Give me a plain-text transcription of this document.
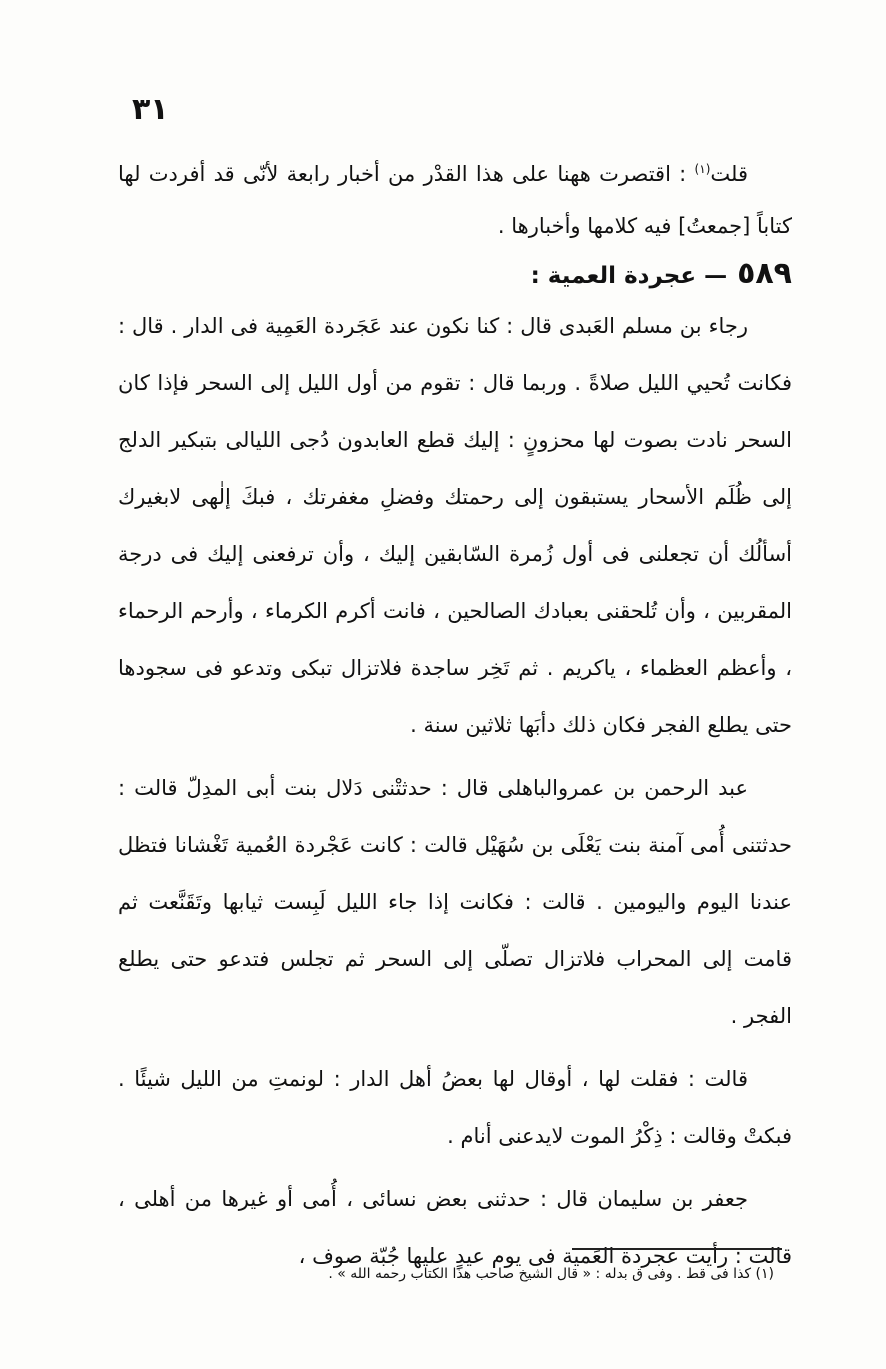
٣١

قلت$^{(١)}$ : اقتصرت ههنا على هذا القدْر من أخبار رابعة لأنّى قد أفردت لها كتاباً [جمعتُ] فيه كلامها وأخبارها .

٥٨٩— عجردة العمية :

رجاء بن مسلم العَبدى قال : كنا نكون عند عَجَردة العَمِية فى الدار . قال : فكانت تُحيي الليل صلاةً . وربما قال : تقوم من أول الليل إلى السحر فإذا كان السحر نادت بصوت لها محزونٍ : إليك قطع العابدون دُجى الليالى بتبكير الدلج إلى ظُلَم الأسحار يستبقون إلى رحمتك وفضلِ مغفرتك ، فبكَ إلٰهى لابغيرك أسألُك أن تجعلنى فى أول زُمرة السّابقين إليك ، وأن ترفعنى إليك فى درجة المقربين ، وأن تُلحقنى بعبادك الصالحين ، فانت أكرم الكرماء ، وأرحم الرحماء ، وأعظم العظماء ، ياكريم . ثم تَخِر ساجدة فلاتزال تبكى وتدعو فى سجودها حتى يطلع الفجر فكان ذلك دأبَها ثلاثين سنة .

عبد الرحمن بن عمروالباهلى قال : حدثتْنى دَلال بنت أبى المدِلّ قالت : حدثتنى أُمى آمنة بنت يَعْلَى بن سُهَيْل قالت : كانت عَجْردة العُمية تَغْشانا فتظل عندنا اليوم واليومين . قالت : فكانت إذا جاء الليل لَبِست ثيابها وتَقَنَّعت ثم قامت إلى المحراب فلاتزال تصلّى إلى السحر ثم تجلس فتدعو حتى يطلع الفجر .

قالت : فقلت لها ، أوقال لها بعضُ أهل الدار : لونمتِ من الليل شيئًا . فبكتْ وقالت : ذِكْرُ الموت لايدعنى أنام .

جعفر بن سليمان قال : حدثنى بعض نسائى ، أُمى أو غيرها من أهلى ، قالت : رأيت عجردة العَمية فى يوم عيدٍ عليها جُبّة صوف ،

(١) كذا فى قط . وفى ق بدله : « قال الشيخ صاحب هذا الكتاب رحمه الله » .
